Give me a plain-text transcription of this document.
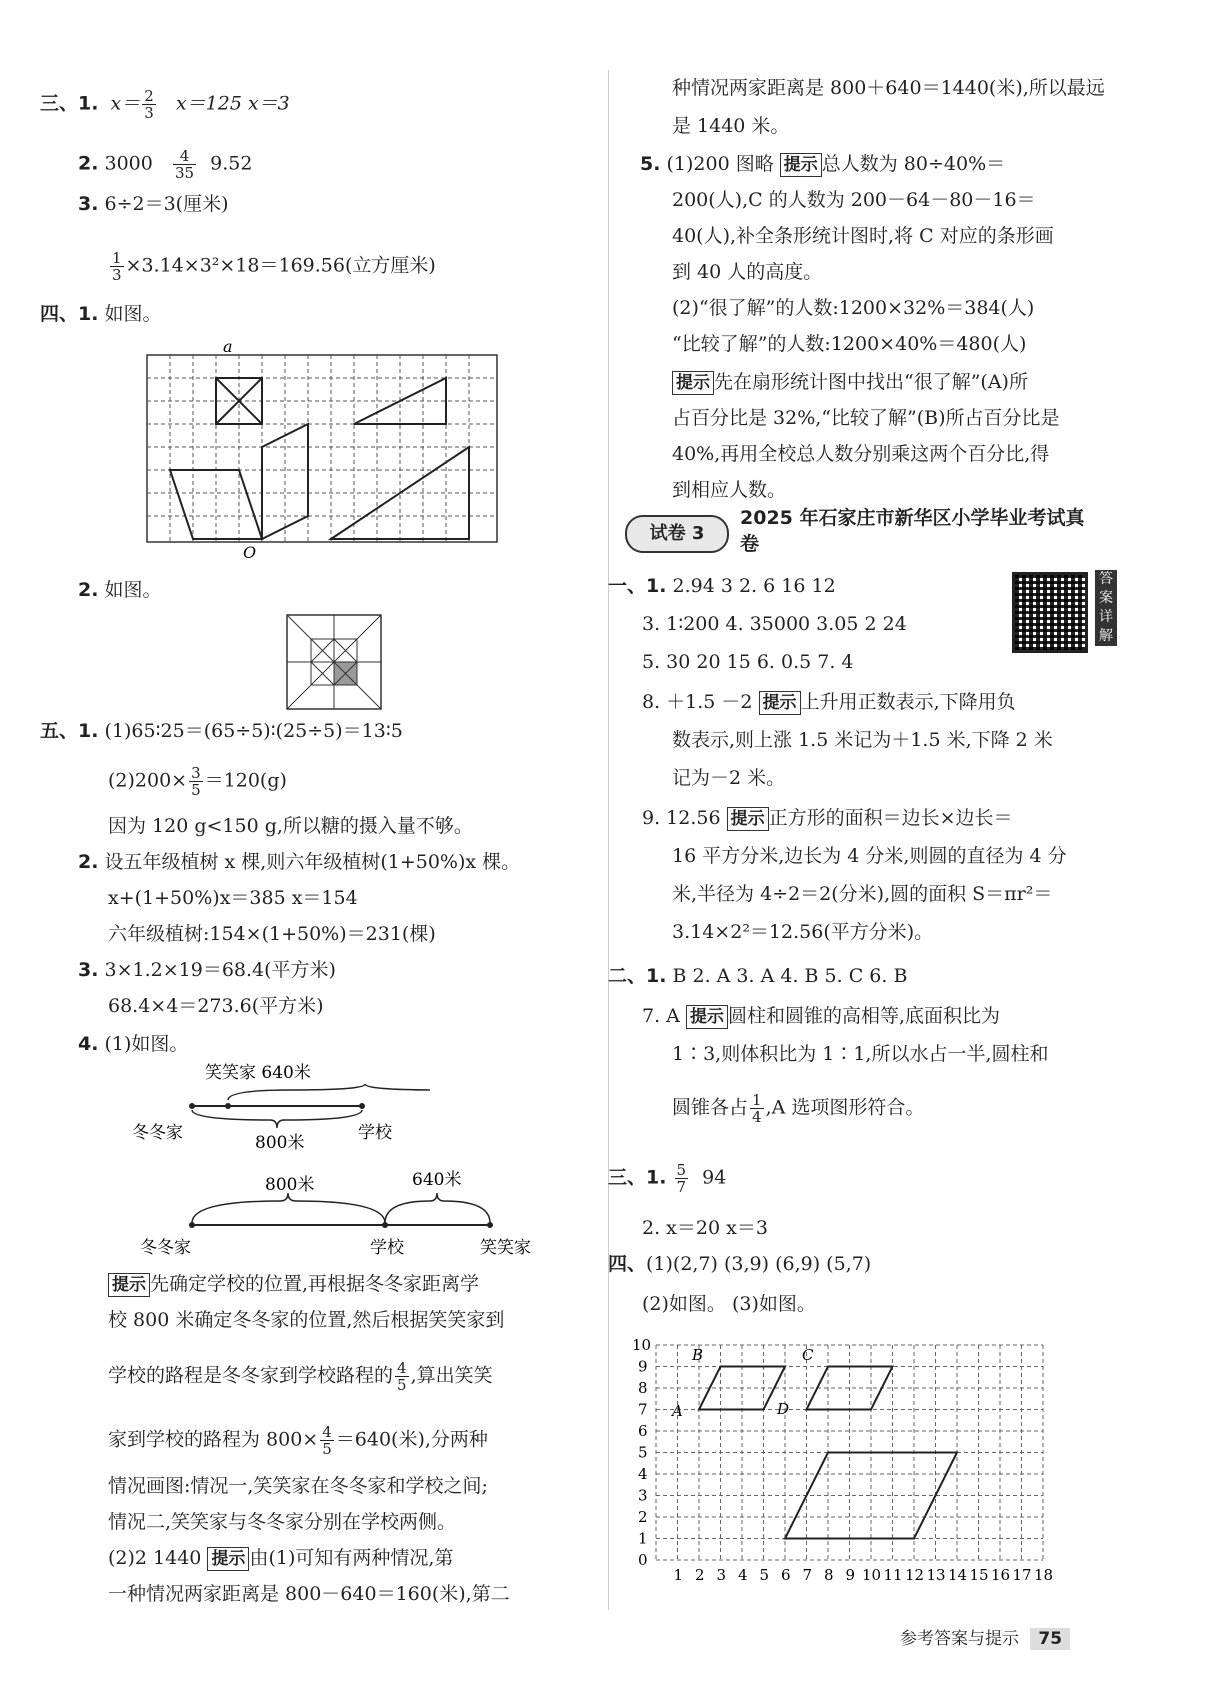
三、1. $x= \frac{2}{3} x=125$ x＝3
2. $3000 \frac{4}{35} 9.52$
3. 6÷2＝3(厘米)
$\frac{1}{3} \times 3.14\times 3^2\times 18=169.56$(立方厘米)
四、1. 如图。
a
O
2. 如图。
五、1. (1)65∶25＝(65÷5)∶(25÷5)＝13∶5
$(2)200\times \frac{3}{5} =120(g)$
因为 120 g<150 g,所以糖的摄入量不够。
2. 设五年级植树 x 棵,则六年级植树(1+50%)x 棵。
x+(1+50%)x＝385 x＝154
六年级植树:154×(1+50%)＝231(棵)
3. 3×1.2×19＝68.4(平方米)
68.4×4＝273.6(平方米)
4. (1)如图。
笑笑家 640米
冬冬家	800米	学校
800米	640米
冬冬家	学校	笑笑家
提示 先确定学校的位置,再根据冬冬家距离学
校 800 米确定冬冬家的位置,然后根据笑笑家到
学校的路程是冬冬家到学校路程的 $\frac{4}{5}$ ,算出笑笑
家到学校的路程为 $800\times \frac{4}{5} =640$(米),分两种
情况画图:情况一,笑笑家在冬冬家和学校之间;
情况二,笑笑家与冬冬家分别在学校两侧。
(2)2 1440 提示 由(1)可知有两种情况,第
一种情况两家距离是 800－640＝160(米),第二
种情况两家距离是 800＋640＝1440(米),所以最远
是 1440 米。
5. (1)200 图略 提示 总人数为 80÷40%＝
200(人),C 的人数为 200－64－80－16＝
40(人),补全条形统计图时,将 C 对应的条形画
到 40 人的高度。
(2)“很了解”的人数:1200×32%＝384(人)
“比较了解”的人数:1200×40%＝480(人)
提示 先在扇形统计图中找出“很了解”(A)所
占百分比是 32%,“比较了解”(B)所占百分比是
40%,再用全校总人数分别乘这两个百分比,得
到相应人数。
试卷 3
2025 年石家庄市新华区小学毕业考试真卷
答案详解
一、1. 2.94 3 2. 6 16 12
3. 1∶200 4. 35000 3.05 2 24
5. 30 20 15 6. 0.5 7. 4
8. ＋1.5 －2 提示 上升用正数表示,下降用负
数表示,则上涨 1.5 米记为＋1.5 米,下降 2 米
记为－2 米。
9. 12.56 提示 正方形的面积＝边长×边长＝
16 平方分米,边长为 4 分米,则圆的直径为 4 分
米,半径为 4÷2＝2(分米),圆的面积 S＝πr²＝
3.14×2²＝12.56(平方分米)。
二、1. B 2. A 3. A 4. B 5. C 6. B
7. A 提示 圆柱和圆锥的高相等,底面积比为
1∶3,则体积比为 1∶1,所以水占一半,圆柱和
圆锥各占 $\frac{1}{4} ,A$ 选项图形符合。
三、1. $\frac{5}{7} 94$
2. x＝20 x＝3
四、(1)(2,7) (3,9) (6,9) (5,7)
(2)如图。 (3)如图。
0
1
2
3
4
5
6
7
8
9
10
1 2 3 4 5 6 7 8 9 10 11 12 13 14 15 16 17 18
B	C
A	D
参考答案与提示 75
